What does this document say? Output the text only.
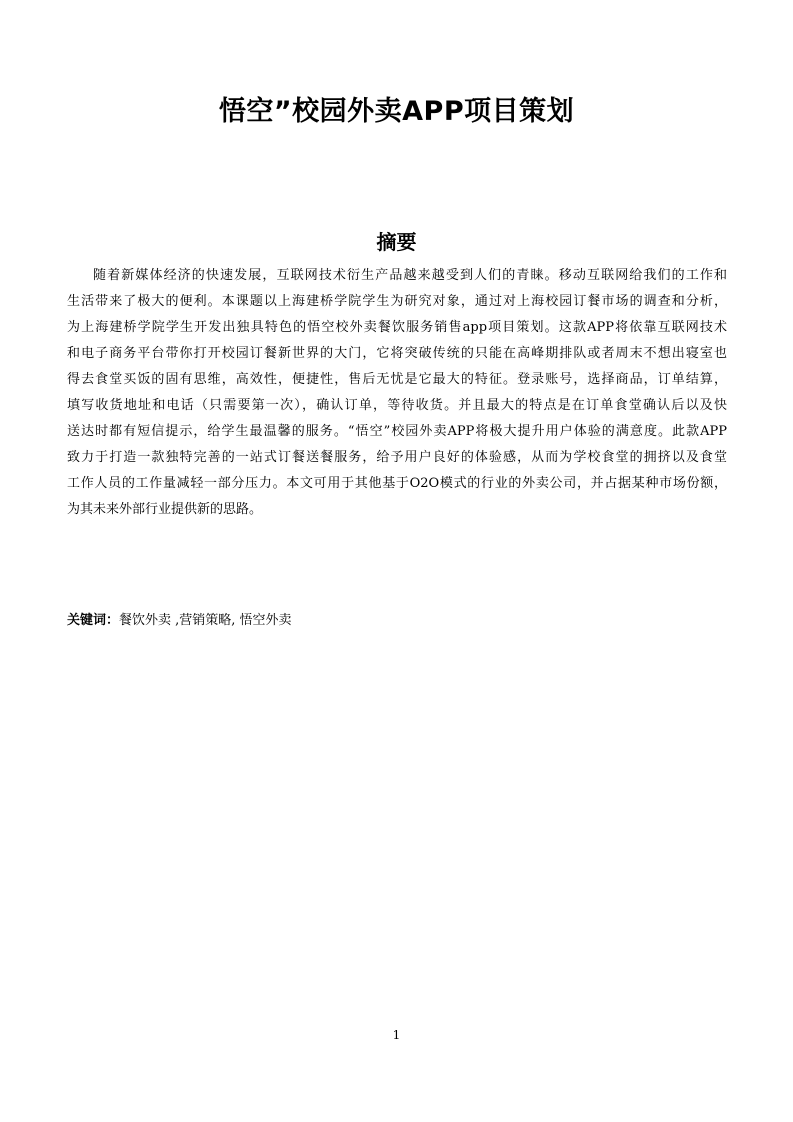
悟空”校园外卖APP项目策划
摘要
随着新媒体经济的快速发展，互联网技术衍生产品越来越受到人们的青睐。移动互联网给我们的工作和
生活带来了极大的便利。本课题以上海建桥学院学生为研究对象，通过对上海校园订餐市场的调查和分析，
为上海建桥学院学生开发出独具特色的悟空校外卖餐饮服务销售app项目策划。这款APP将依靠互联网技术
和电子商务平台带你打开校园订餐新世界的大门，它将突破传统的只能在高峰期排队或者周末不想出寝室也
得去食堂买饭的固有思维，高效性，便捷性，售后无忧是它最大的特征。登录账号，选择商品，订单结算，
填写收货地址和电话（只需要第一次），确认订单，等待收货。并且最大的特点是在订单食堂确认后以及快
送达时都有短信提示，给学生最温馨的服务。“悟空”校园外卖APP将极大提升用户体验的满意度。此款APP
致力于打造一款独特完善的一站式订餐送餐服务，给予用户良好的体验感，从而为学校食堂的拥挤以及食堂
工作人员的工作量减轻一部分压力。本文可用于其他基于O2O模式的行业的外卖公司，并占据某种市场份额，
为其未来外部行业提供新的思路。
关键词：餐饮外卖 ,营销策略, 悟空外卖
1
